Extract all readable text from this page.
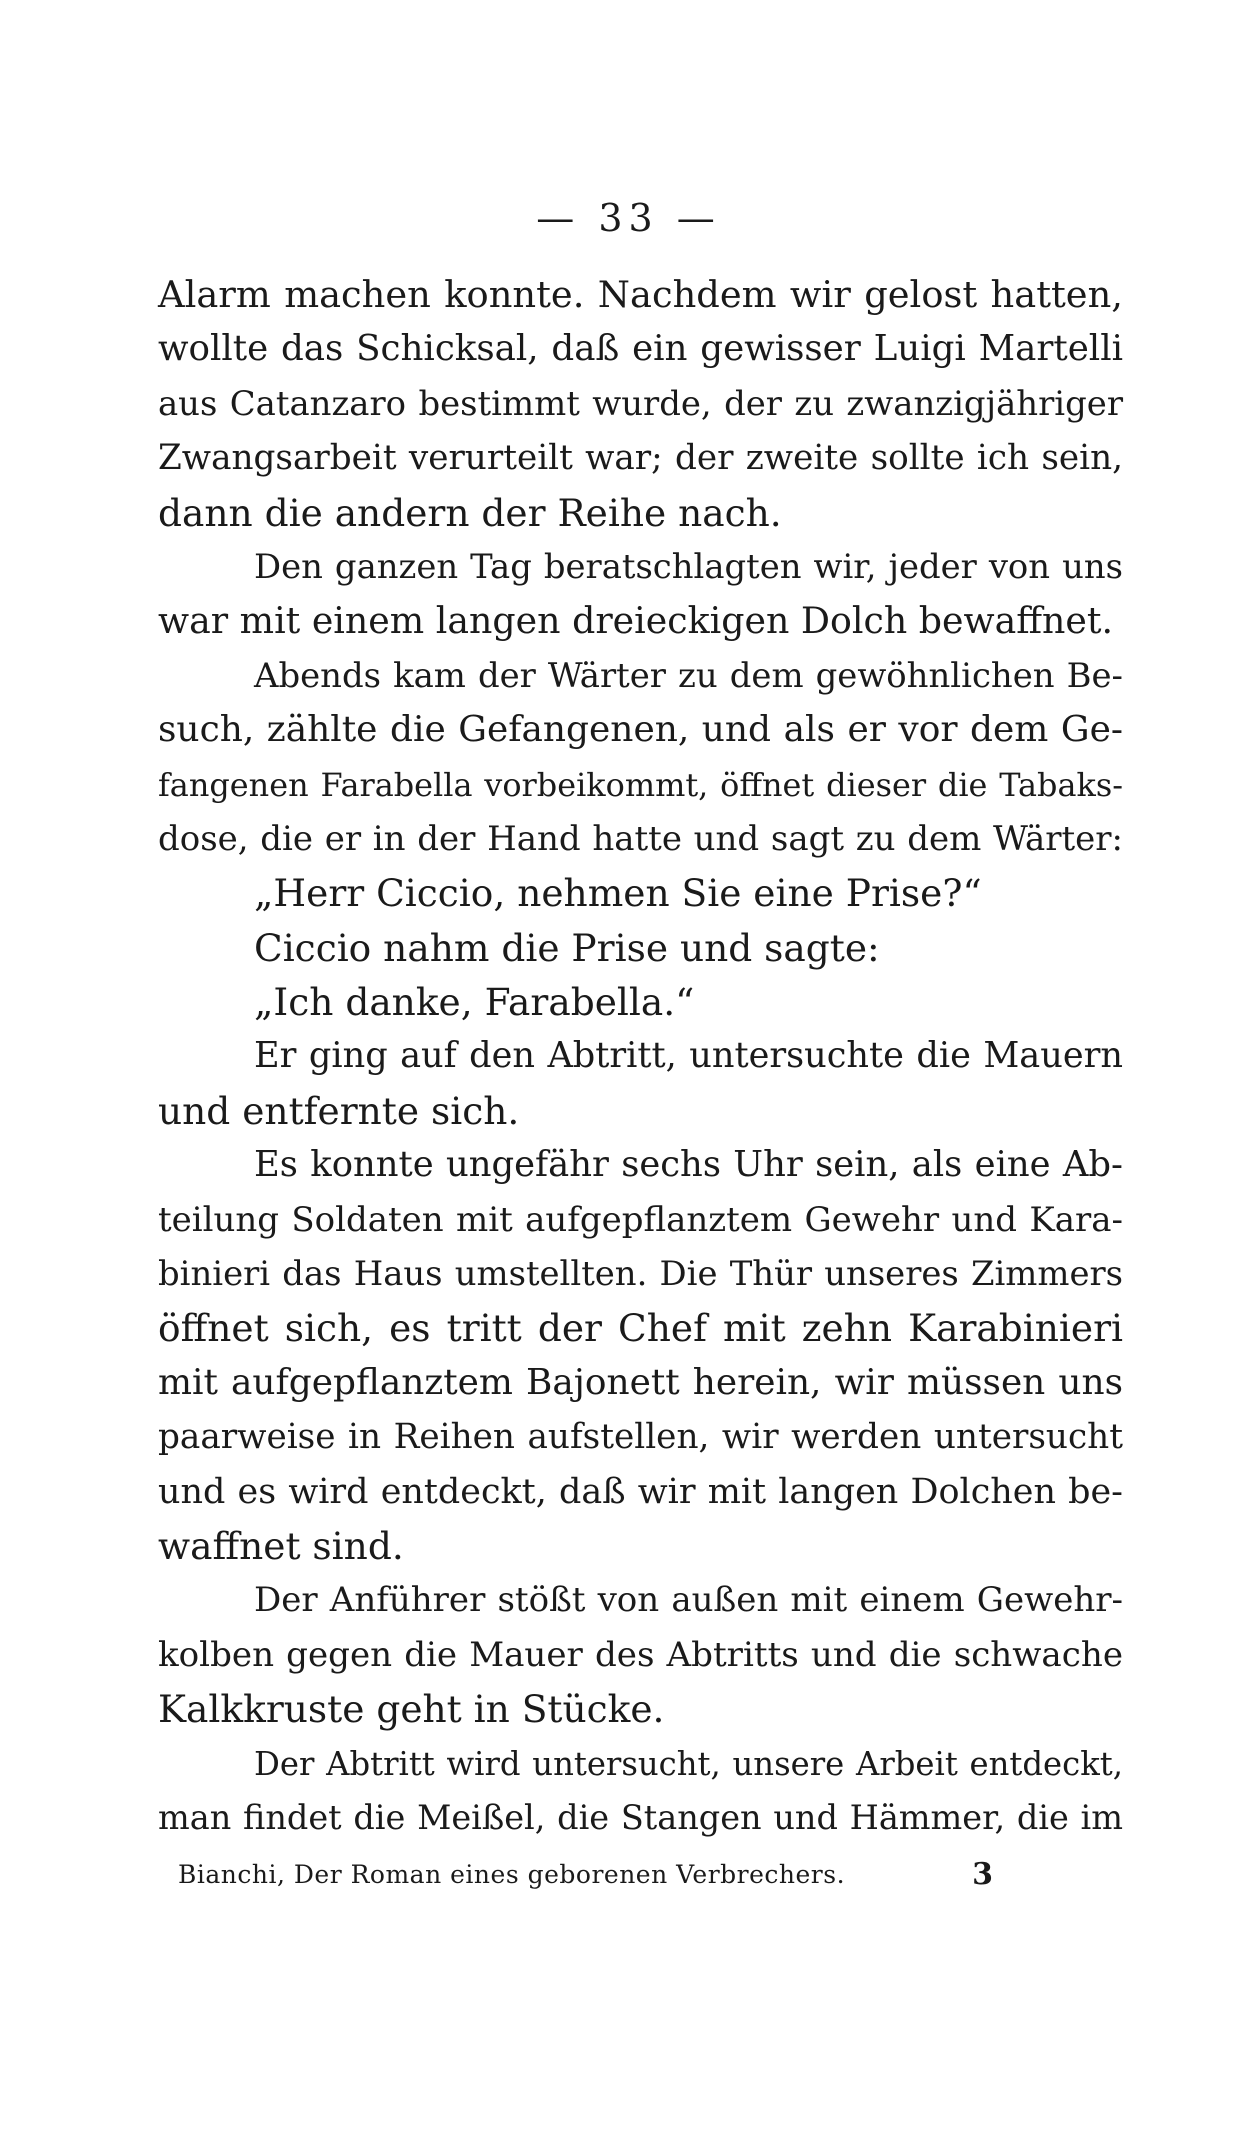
— 33 —
Alarm machen konnte. Nachdem wir gelost hatten,
wollte das Schicksal, daß ein gewisser Luigi Martelli
aus Catanzaro bestimmt wurde, der zu zwanzigjähriger
Zwangsarbeit verurteilt war; der zweite sollte ich sein,
dann die andern der Reihe nach.
Den ganzen Tag beratschlagten wir, jeder von uns
war mit einem langen dreieckigen Dolch bewaffnet.
Abends kam der Wärter zu dem gewöhnlichen Be-
such, zählte die Gefangenen, und als er vor dem Ge-
fangenen Farabella vorbeikommt, öffnet dieser die Tabaks-
dose, die er in der Hand hatte und sagt zu dem Wärter:
„Herr Ciccio, nehmen Sie eine Prise?“
Ciccio nahm die Prise und sagte:
„Ich danke, Farabella.“
Er ging auf den Abtritt, untersuchte die Mauern
und entfernte sich.
Es konnte ungefähr sechs Uhr sein, als eine Ab-
teilung Soldaten mit aufgepflanztem Gewehr und Kara-
binieri das Haus umstellten. Die Thür unseres Zimmers
öffnet sich, es tritt der Chef mit zehn Karabinieri
mit aufgepflanztem Bajonett herein, wir müssen uns
paarweise in Reihen aufstellen, wir werden untersucht
und es wird entdeckt, daß wir mit langen Dolchen be-
waffnet sind.
Der Anführer stößt von außen mit einem Gewehr-
kolben gegen die Mauer des Abtritts und die schwache
Kalkkruste geht in Stücke.
Der Abtritt wird untersucht, unsere Arbeit entdeckt,
man findet die Meißel, die Stangen und Hämmer, die im
Bianchi, Der Roman eines geborenen Verbrechers.	3
